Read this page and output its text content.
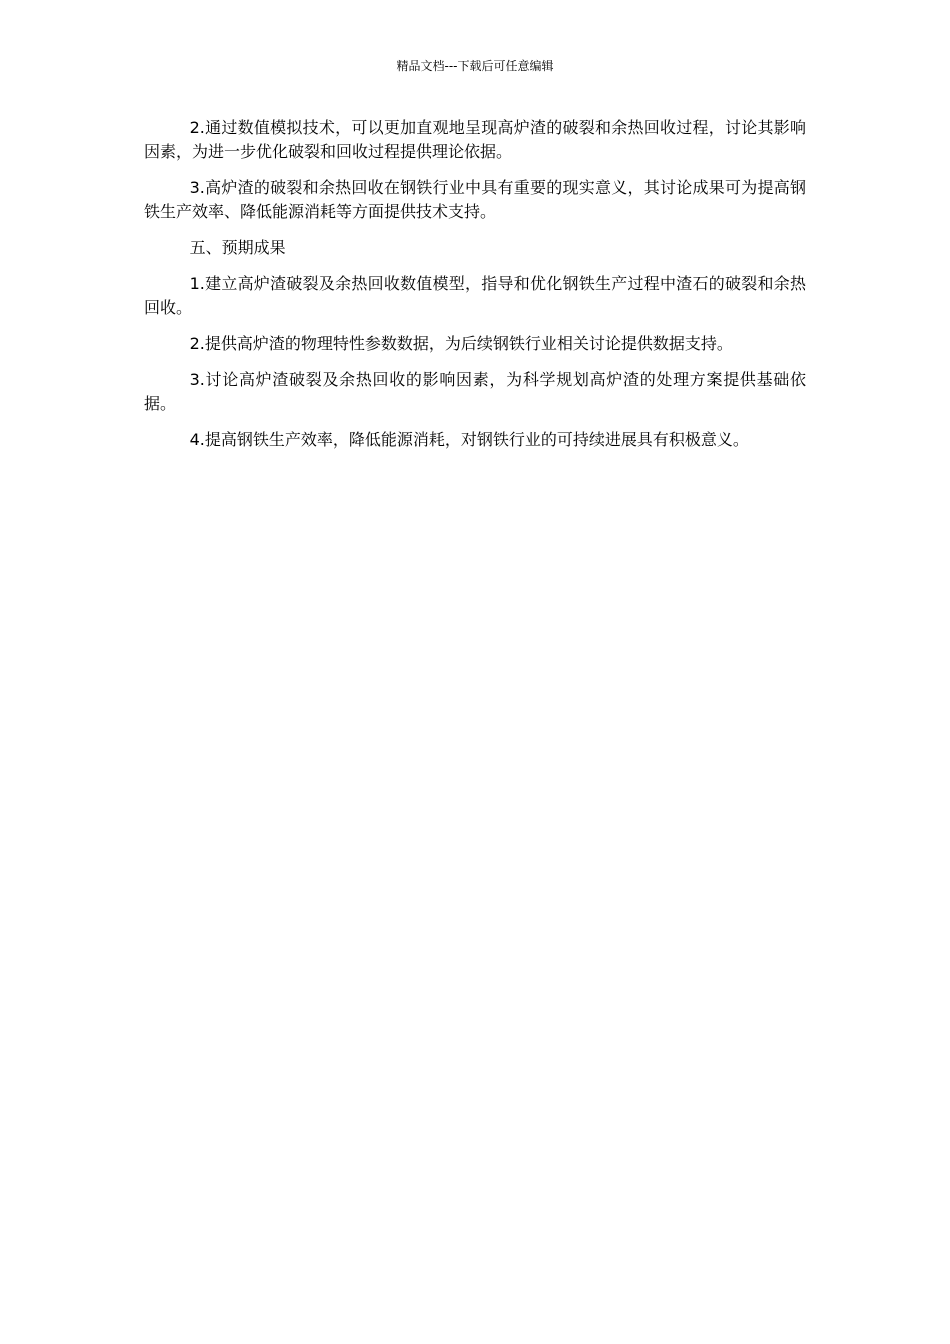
精品文档---下载后可任意编辑

2.通过数值模拟技术，可以更加直观地呈现高炉渣的破裂和余热回收过程，讨论其影响因素，为进一步优化破裂和回收过程提供理论依据。

3.高炉渣的破裂和余热回收在钢铁行业中具有重要的现实意义，其讨论成果可为提高钢铁生产效率、降低能源消耗等方面提供技术支持。

五、预期成果

1.建立高炉渣破裂及余热回收数值模型，指导和优化钢铁生产过程中渣石的破裂和余热回收。

2.提供高炉渣的物理特性参数数据，为后续钢铁行业相关讨论提供数据支持。

3.讨论高炉渣破裂及余热回收的影响因素，为科学规划高炉渣的处理方案提供基础依据。

4.提高钢铁生产效率，降低能源消耗，对钢铁行业的可持续进展具有积极意义。
